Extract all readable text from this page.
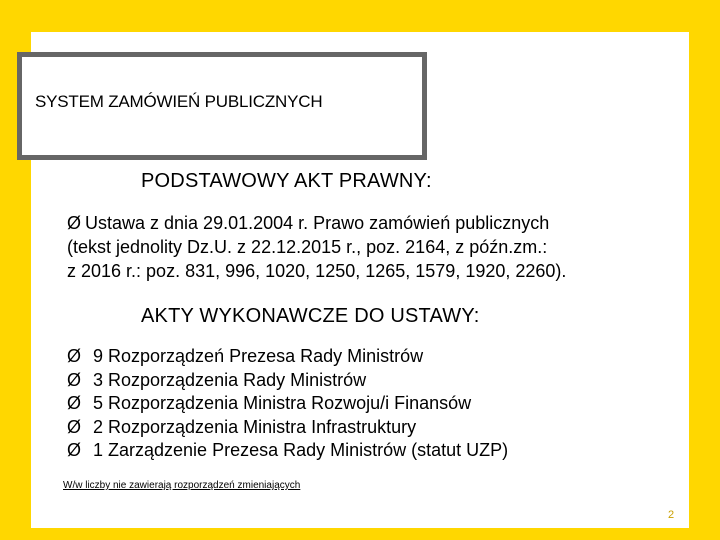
SYSTEM ZAMÓWIEŃ PUBLICZNYCH
PODSTAWOWY AKT PRAWNY:
Ø Ustawa z dnia 29.01.2004 r. Prawo zamówień publicznych
(tekst jednolity Dz.U. z 22.12.2015 r., poz. 2164, z późn.zm.:
z 2016 r.: poz. 831, 996, 1020, 1250, 1265, 1579, 1920, 2260).
AKTY WYKONAWCZE DO USTAWY:
Ø 9 Rozporządzeń Prezesa Rady Ministrów
Ø 3 Rozporządzenia Rady Ministrów
Ø 5 Rozporządzenia Ministra Rozwoju/i Finansów
Ø 2 Rozporządzenia Ministra Infrastruktury
Ø 1 Zarządzenie Prezesa Rady Ministrów (statut UZP)
W/w liczby nie zawierają rozporządzeń zmieniających
2
